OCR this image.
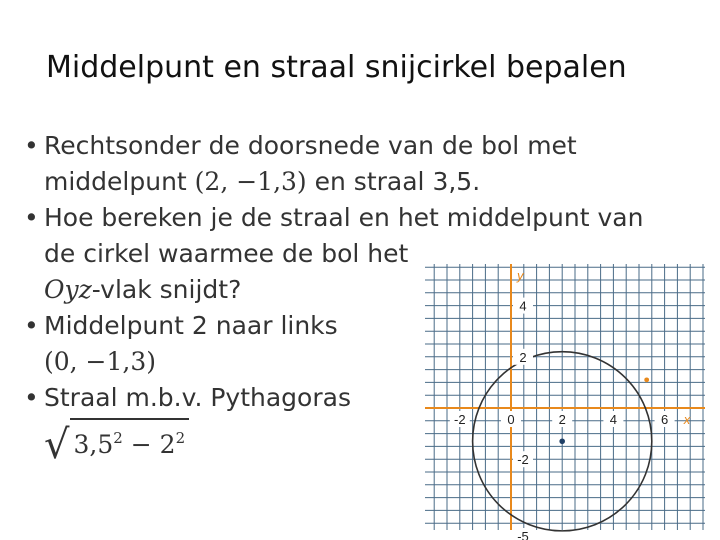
Middelpunt en straal snijcirkel bepalen
• Rechtsonder de doorsnede van de bol met
middelpunt (2, −1,3) en straal 3,5.
• Hoe bereken je de straal en het middelpunt van
de cirkel waarmee de bol het
Oyz-vlak snijdt?
• Middelpunt 2 naar links
(0, −1,3)
• Straal m.b.v. Pythagoras
√ $3,5^2 - 2^2$
-2	0	2	4	6
4
2
-2
-5
x
y
